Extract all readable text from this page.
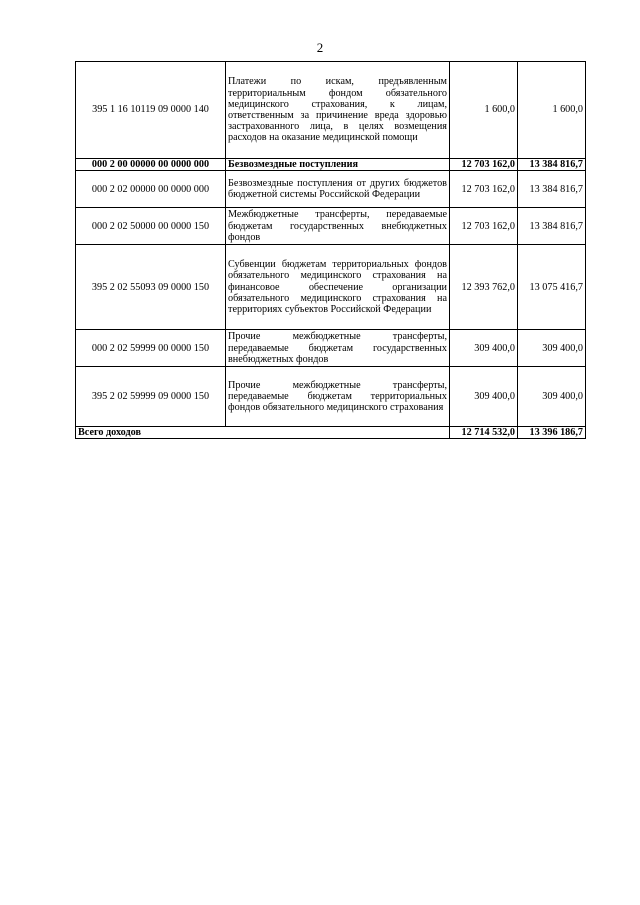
2
395 1 16 10119 09 0000 140	Платежи по искам, предъявленным территориальным фондом обязательного медицинского страхования, к лицам, ответственным за причинение вреда здоровью застрахованного лица, в целях возмещения расходов на оказание медицинской помощи	1 600,0	1 600,0
000 2 00 00000 00 0000 000	Безвозмездные поступления	12 703 162,0	13 384 816,7
000 2 02 00000 00 0000 000	Безвозмездные поступления от других бюджетов бюджетной системы Российской Федерации	12 703 162,0	13 384 816,7
000 2 02 50000 00 0000 150	Межбюджетные трансферты, передаваемые бюджетам государственных внебюджетных фондов	12 703 162,0	13 384 816,7
395 2 02 55093 09 0000 150	Субвенции бюджетам территориальных фондов обязательного медицинского страхования на финансовое обеспечение организации обязательного медицинского страхования на территориях субъектов Российской Федерации	12 393 762,0	13 075 416,7
000 2 02 59999 00 0000 150	Прочие межбюджетные трансферты, передаваемые бюджетам государственных внебюджетных фондов	309 400,0	309 400,0
395 2 02 59999 09 0000 150	Прочие межбюджетные трансферты, передаваемые бюджетам территориальных фондов обязательного медицинского страхования	309 400,0	309 400,0
Всего доходов		12 714 532,0	13 396 186,7
